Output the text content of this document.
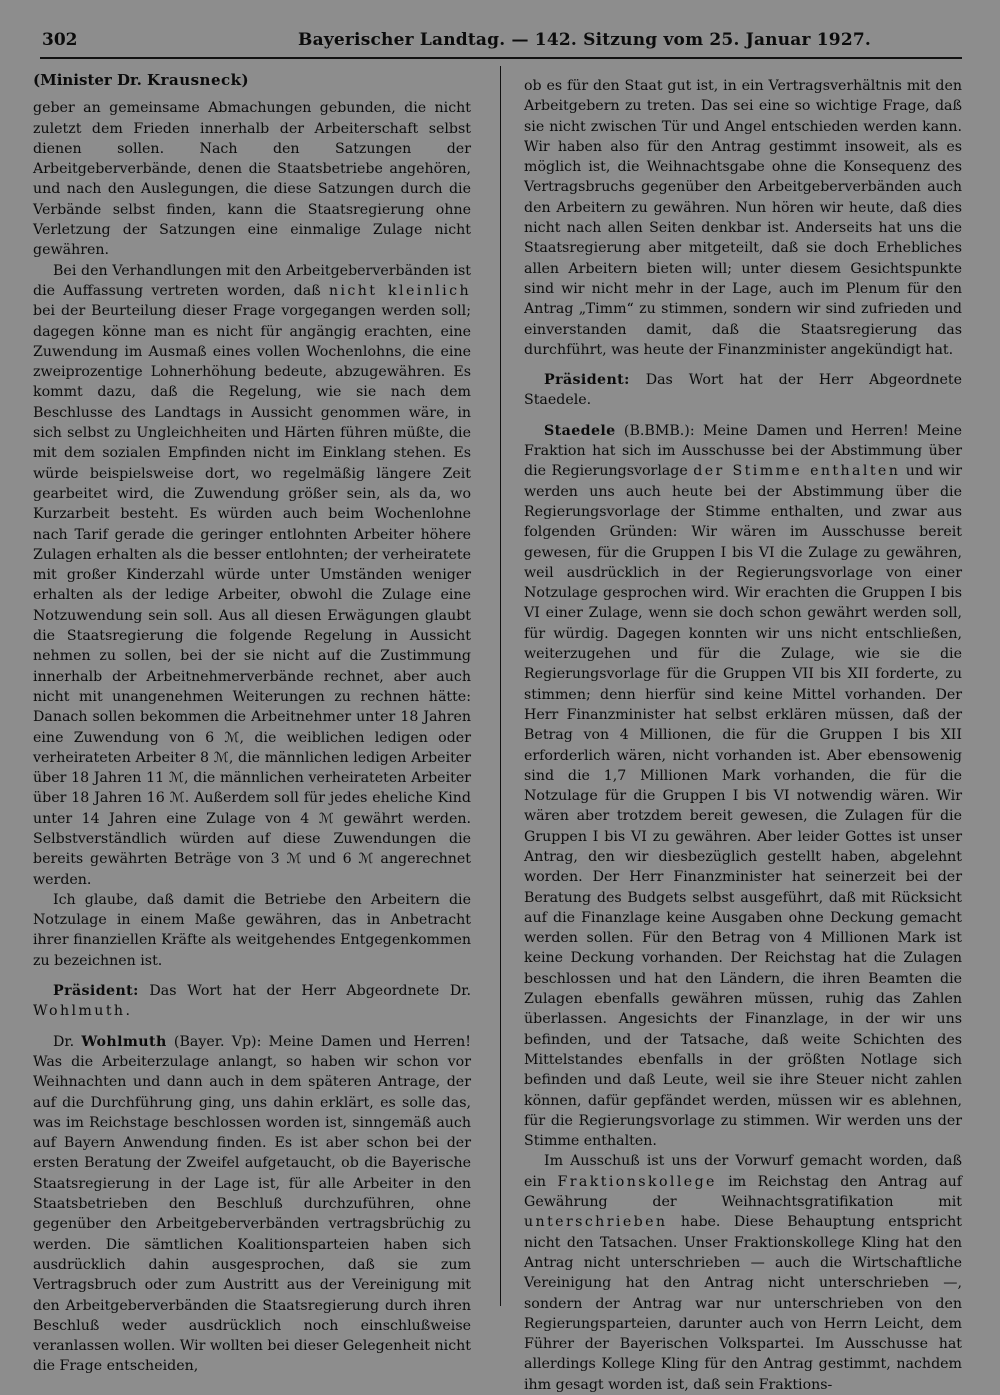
302	Bayerischer Landtag. — 142. Sitzung vom 25. Januar 1927.

(Minister Dr. Krausneck)

geber an gemeinsame Abmachungen gebunden, die nicht zuletzt dem Frieden innerhalb der Arbeiterschaft selbst dienen sollen. Nach den Satzungen der Arbeitgeberverbände, denen die Staatsbetriebe angehören, und nach den Auslegungen, die diese Satzungen durch die Verbände selbst finden, kann die Staatsregierung ohne Verletzung der Satzungen eine einmalige Zulage nicht gewähren.

Bei den Verhandlungen mit den Arbeitgeberverbänden ist die Auffassung vertreten worden, daß nicht kleinlich bei der Beurteilung dieser Frage vorgegangen werden soll; dagegen könne man es nicht für angängig erachten, eine Zuwendung im Ausmaß eines vollen Wochenlohns, die eine zweiprozentige Lohnerhöhung bedeute, abzugewähren. Es kommt dazu, daß die Regelung, wie sie nach dem Beschlusse des Landtags in Aussicht genommen wäre, in sich selbst zu Ungleichheiten und Härten führen müßte, die mit dem sozialen Empfinden nicht im Einklang stehen. Es würde beispielsweise dort, wo regelmäßig längere Zeit gearbeitet wird, die Zuwendung größer sein, als da, wo Kurzarbeit besteht. Es würden auch beim Wochenlohne nach Tarif gerade die geringer entlohnten Arbeiter höhere Zulagen erhalten als die besser entlohnten; der verheiratete mit großer Kinderzahl würde unter Umständen weniger erhalten als der ledige Arbeiter, obwohl die Zulage eine Notzuwendung sein soll. Aus all diesen Erwägungen glaubt die Staatsregierung die folgende Regelung in Aussicht nehmen zu sollen, bei der sie nicht auf die Zustimmung innerhalb der Arbeitnehmerverbände rechnet, aber auch nicht mit unangenehmen Weiterungen zu rechnen hätte: Danach sollen bekommen die Arbeitnehmer unter 18 Jahren eine Zuwendung von 6 ℳ, die weiblichen ledigen oder verheirateten Arbeiter 8 ℳ, die männlichen ledigen Arbeiter über 18 Jahren 11 ℳ, die männlichen verheirateten Arbeiter über 18 Jahren 16 ℳ. Außerdem soll für jedes eheliche Kind unter 14 Jahren eine Zulage von 4 ℳ gewährt werden. Selbstverständlich würden auf diese Zuwendungen die bereits gewährten Beträge von 3 ℳ und 6 ℳ angerechnet werden.

Ich glaube, daß damit die Betriebe den Arbeitern die Notzulage in einem Maße gewähren, das in Anbetracht ihrer finanziellen Kräfte als weitgehendes Entgegenkommen zu bezeichnen ist.

Präsident: Das Wort hat der Herr Abgeordnete Dr. Wohlmuth.

Dr. Wohlmuth (Bayer. Vp): Meine Damen und Herren! Was die Arbeiterzulage anlangt, so haben wir schon vor Weihnachten und dann auch in dem späteren Antrage, der auf die Durchführung ging, uns dahin erklärt, es solle das, was im Reichstage beschlossen worden ist, sinngemäß auch auf Bayern Anwendung finden. Es ist aber schon bei der ersten Beratung der Zweifel aufgetaucht, ob die Bayerische Staatsregierung in der Lage ist, für alle Arbeiter in den Staatsbetrieben den Beschluß durchzuführen, ohne gegenüber den Arbeitgeberverbänden vertragsbrüchig zu werden. Die sämtlichen Koalitionsparteien haben sich ausdrücklich dahin ausgesprochen, daß sie zum Vertragsbruch oder zum Austritt aus der Vereinigung mit den Arbeitgeberverbänden die Staatsregierung durch ihren Beschluß weder ausdrücklich noch einschlußweise veranlassen wollen. Wir wollten bei dieser Gelegenheit nicht die Frage entscheiden,

ob es für den Staat gut ist, in ein Vertragsverhältnis mit den Arbeitgebern zu treten. Das sei eine so wichtige Frage, daß sie nicht zwischen Tür und Angel entschieden werden kann. Wir haben also für den Antrag gestimmt insoweit, als es möglich ist, die Weihnachtsgabe ohne die Konsequenz des Vertragsbruchs gegenüber den Arbeitgeberverbänden auch den Arbeitern zu gewähren. Nun hören wir heute, daß dies nicht nach allen Seiten denkbar ist. Anderseits hat uns die Staatsregierung aber mitgeteilt, daß sie doch Erhebliches allen Arbeitern bieten will; unter diesem Gesichtspunkte sind wir nicht mehr in der Lage, auch im Plenum für den Antrag „Timm“ zu stimmen, sondern wir sind zufrieden und einverstanden damit, daß die Staatsregierung das durchführt, was heute der Finanzminister angekündigt hat.

Präsident: Das Wort hat der Herr Abgeordnete Staedele.

Staedele (B.BMB.): Meine Damen und Herren! Meine Fraktion hat sich im Ausschusse bei der Abstimmung über die Regierungsvorlage der Stimme enthalten und wir werden uns auch heute bei der Abstimmung über die Regierungsvorlage der Stimme enthalten, und zwar aus folgenden Gründen: Wir wären im Ausschusse bereit gewesen, für die Gruppen I bis VI die Zulage zu gewähren, weil ausdrücklich in der Regierungsvorlage von einer Notzulage gesprochen wird. Wir erachten die Gruppen I bis VI einer Zulage, wenn sie doch schon gewährt werden soll, für würdig. Dagegen konnten wir uns nicht entschließen, weiterzugehen und für die Zulage, wie sie die Regierungsvorlage für die Gruppen VII bis XII forderte, zu stimmen; denn hierfür sind keine Mittel vorhanden. Der Herr Finanzminister hat selbst erklären müssen, daß der Betrag von 4 Millionen, die für die Gruppen I bis XII erforderlich wären, nicht vorhanden ist. Aber ebensowenig sind die 1,7 Millionen Mark vorhanden, die für die Notzulage für die Gruppen I bis VI notwendig wären. Wir wären aber trotzdem bereit gewesen, die Zulagen für die Gruppen I bis VI zu gewähren. Aber leider Gottes ist unser Antrag, den wir diesbezüglich gestellt haben, abgelehnt worden. Der Herr Finanzminister hat seinerzeit bei der Beratung des Budgets selbst ausgeführt, daß mit Rücksicht auf die Finanzlage keine Ausgaben ohne Deckung gemacht werden sollen. Für den Betrag von 4 Millionen Mark ist keine Deckung vorhanden. Der Reichstag hat die Zulagen beschlossen und hat den Ländern, die ihren Beamten die Zulagen ebenfalls gewähren müssen, ruhig das Zahlen überlassen. Angesichts der Finanzlage, in der wir uns befinden, und der Tatsache, daß weite Schichten des Mittelstandes ebenfalls in der größten Notlage sich befinden und daß Leute, weil sie ihre Steuer nicht zahlen können, dafür gepfändet werden, müssen wir es ablehnen, für die Regierungsvorlage zu stimmen. Wir werden uns der Stimme enthalten.

Im Ausschuß ist uns der Vorwurf gemacht worden, daß ein Fraktionskollege im Reichstag den Antrag auf Gewährung der Weihnachtsgratifikation mit unterschrieben habe. Diese Behauptung entspricht nicht den Tatsachen. Unser Fraktionskollege Kling hat den Antrag nicht unterschrieben — auch die Wirtschaftliche Vereinigung hat den Antrag nicht unterschrieben —, sondern der Antrag war nur unterschrieben von den Regierungsparteien, darunter auch von Herrn Leicht, dem Führer der Bayerischen Volkspartei. Im Ausschusse hat allerdings Kollege Kling für den Antrag gestimmt, nachdem ihm gesagt worden ist, daß sein Fraktions-
